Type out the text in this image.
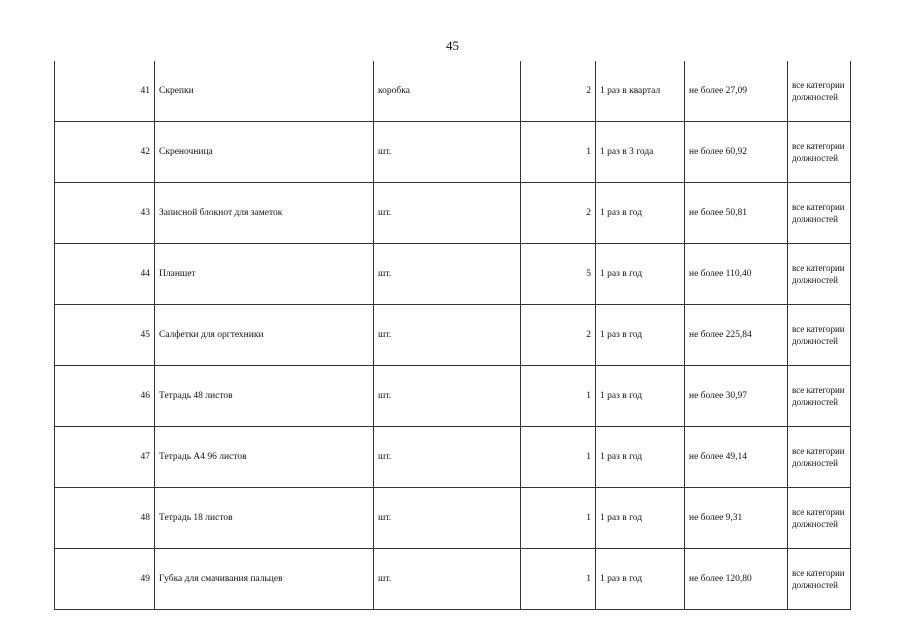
45
41	Скрепки	коробка	2	1 раз в квартал	не более 27,09	все категории должностей
42	Скреночница	шт.	1	1 раз в 3 года	не более 60,92	все категории должностей
43	Записной блокнот для заметок	шт.	2	1 раз в год	не более 50,81	все категории должностей
44	Планшет	шт.	5	1 раз в год	не более 110,40	все категории должностей
45	Салфетки для оргтехники	шт.	2	1 раз в год	не более 225,84	все категории должностей
46	Тетрадь 48 листов	шт.	1	1 раз в год	не более 30,97	все категории должностей
47	Тетрадь А4 96 листов	шт.	1	1 раз в год	не более 49,14	все категории должностей
48	Тетрадь 18 листов	шт.	1	1 раз в год	не более 9,31	все категории должностей
49	Губка для смачивания пальцев	шт.	1	1 раз в год	не более 120,80	все категории должностей
